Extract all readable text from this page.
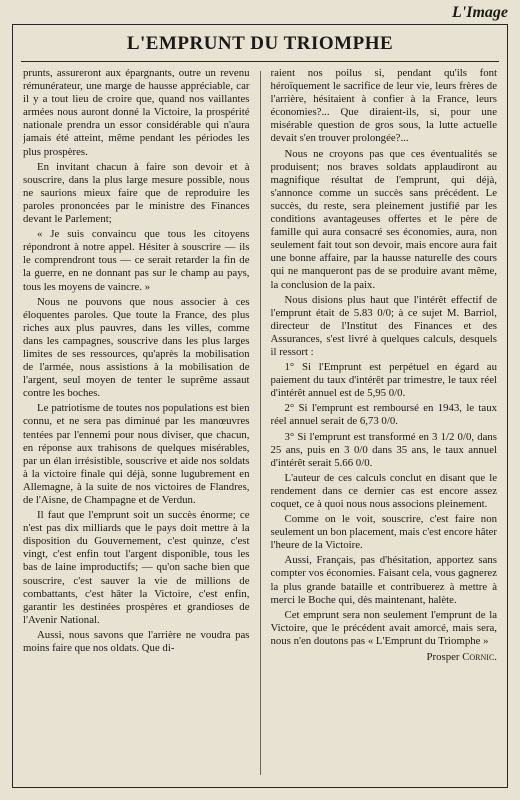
L'Image
L'EMPRUNT DU TRIOMPHE

prunts, assureront aux épargnants, outre un revenu rémunérateur, une marge de hausse appréciable, car il y a tout lieu de croire que, quand nos vaillantes armées nous auront donné la Victoire, la prospérité nationale prendra un essor considérable qui n'aura jamais été atteint, même pendant les périodes les plus prospères.

En invitant chacun à faire son devoir et à souscrire, dans la plus large mesure possible, nous ne saurions mieux faire que de reproduire les paroles prononcées par le ministre des Finances devant le Parlement;

« Je suis convaincu que tous les citoyens répondront à notre appel. Hésiter à souscrire — ils le comprendront tous — ce serait retarder la fin de la guerre, en ne donnant pas sur le champ au pays, tous les moyens de vaincre. »

Nous ne pouvons que nous associer à ces éloquentes paroles. Que toute la France, des plus riches aux plus pauvres, dans les villes, comme dans les campagnes, souscrive dans les plus larges limites de ses ressources, qu'après la mobilisation de l'armée, nous assistions à la mobilisation de l'argent, seul moyen de tenter le suprême assaut contre les boches.

Le patriotisme de toutes nos populations est bien connu, et ne sera pas diminué par les manœuvres tentées par l'ennemi pour nous diviser, que chacun, en réponse aux trahisons de quelques misérables, par un élan irrésistible, souscrive et aide nos soldats à la victoire finale qui déjà, sonne lugubrement en Allemagne, à la suite de nos victoires de Flandres, de l'Aisne, de Champagne et de Verdun.

Il faut que l'emprunt soit un succès énorme; ce n'est pas dix milliards que le pays doit mettre à la disposition du Gouvernement, c'est quinze, c'est vingt, c'est enfin tout l'argent disponible, tous les bas de laine improductifs; — qu'on sache bien que souscrire, c'est sauver la vie de millions de combattants, c'est hâter la Victoire, c'est enfin, garantir les destinées prospères et grandioses de l'Avenir National.

Aussi, nous savons que l'arrière ne voudra pas moins faire que nos oldats. Que di-

raient nos poilus si, pendant qu'ils font héroïquement le sacrifice de leur vie, leurs frères de l'arrière, hésitaient à confier à la France, leurs économies?... Que diraient-ils, si, pour une misérable question de gros sous, la lutte actuelle devait s'en trouver prolongée?...

Nous ne croyons pas que ces éventualités se produisent; nos braves soldats applaudiront au magnifique résultat de l'emprunt, qui déjà, s'annonce comme un succès sans précédent. Le succès, du reste, sera pleinement justifié par les conditions avantageuses offertes et le père de famille qui aura consacré ses économies, aura, non seulement fait tout son devoir, mais encore aura fait une bonne affaire, par la hausse naturelle des cours qui ne manqueront pas de se produire avant même, la conclusion de la paix.

Nous disions plus haut que l'intérêt effectif de l'emprunt était de 5.83 0/0; à ce sujet M. Barriol, directeur de l'Institut des Finances et des Assurances, s'est livré à quelques calculs, desquels il ressort :

1° Si l'Emprunt est perpétuel en égard au paiement du taux d'intérêt par trimestre, le taux réel d'intérêt annuel est de 5,95 0/0.

2° Si l'emprunt est remboursé en 1943, le taux réel annuel serait de 6,73 0/0.

3° Si l'emprunt est transformé en 3 1/2 0/0, dans 25 ans, puis en 3 0/0 dans 35 ans, le taux annuel d'intérêt serait 5.66 0/0.

L'auteur de ces calculs conclut en disant que le rendement dans ce dernier cas est encore assez coquet, ce à quoi nous nous associons pleinement.

Comme on le voit, souscrire, c'est faire non seulement un bon placement, mais c'est encore hâter l'heure de la Victoire.

Aussi, Français, pas d'hésitation, apportez sans compter vos économies. Faisant cela, vous gagnerez la plus grande bataille et contribuerez à mettre à merci le Boche qui, dès maintenant, halète.

Cet emprunt sera non seulement l'emprunt de la Victoire, que le précédent avait amorcé, mais sera, nous n'en doutons pas « L'Emprunt du Triomphe »

Prosper Cornic.
